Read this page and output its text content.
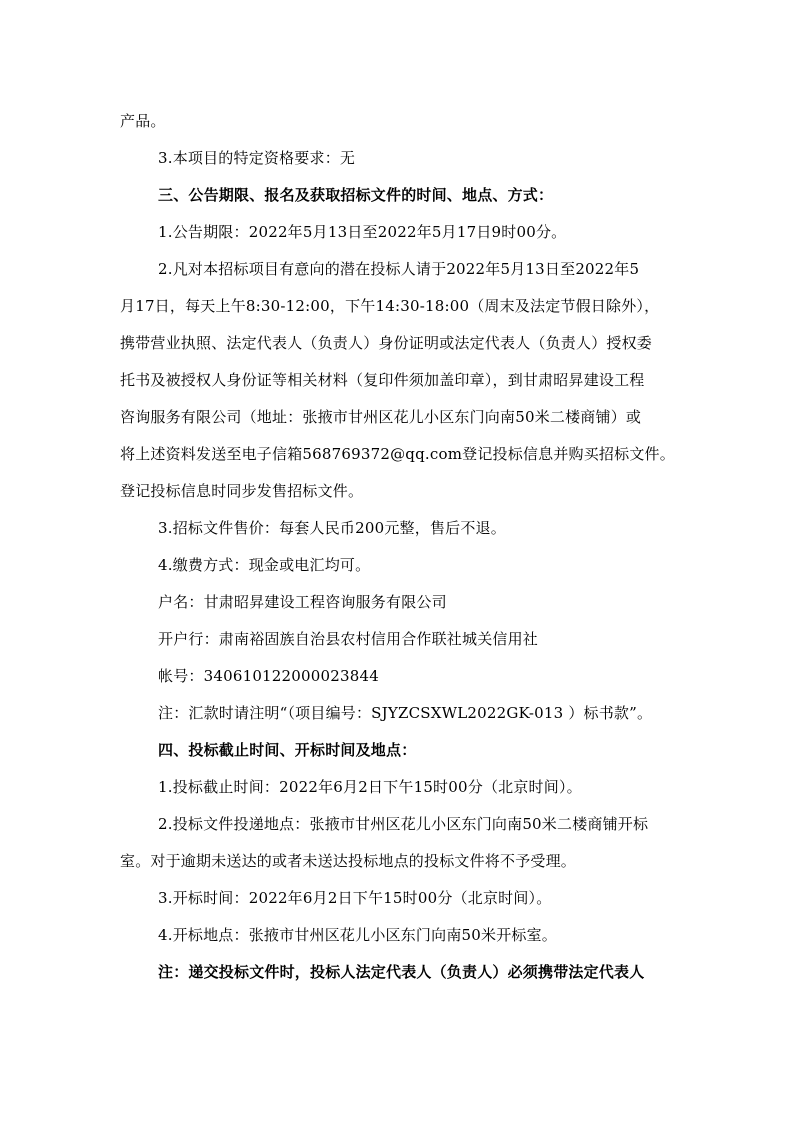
产品。
3.本项目的特定资格要求：无
三、公告期限、报名及获取招标文件的时间、地点、方式：
1.公告期限：2022年5月13日至2022年5月17日9时00分。
2.凡对本招标项目有意向的潜在投标人请于2022年5月13日至2022年5
月17日，每天上午8:30-12:00，下午14:30-18:00（周末及法定节假日除外），
携带营业执照、法定代表人（负责人）身份证明或法定代表人（负责人）授权委
托书及被授权人身份证等相关材料（复印件须加盖印章），到甘肃昭昇建设工程
咨询服务有限公司（地址：张掖市甘州区花儿小区东门向南50米二楼商铺）或
将上述资料发送至电子信箱568769372@qq.com登记投标信息并购买招标文件。
登记投标信息时同步发售招标文件。
3.招标文件售价：每套人民币200元整，售后不退。
4.缴费方式：现金或电汇均可。
户名：甘肃昭昇建设工程咨询服务有限公司
开户行：肃南裕固族自治县农村信用合作联社城关信用社
帐号：340610122000023844
注：汇款时请注明“（项目编号：SJYZCSXWL2022GK-013 ）标书款”。
四、投标截止时间、开标时间及地点：
1.投标截止时间：2022年6月2日下午15时00分（北京时间）。
2.投标文件投递地点：张掖市甘州区花儿小区东门向南50米二楼商铺开标
室。对于逾期未送达的或者未送达投标地点的投标文件将不予受理。
3.开标时间：2022年6月2日下午15时00分（北京时间）。
4.开标地点：张掖市甘州区花儿小区东门向南50米开标室。
注：递交投标文件时，投标人法定代表人（负责人）必须携带法定代表人
